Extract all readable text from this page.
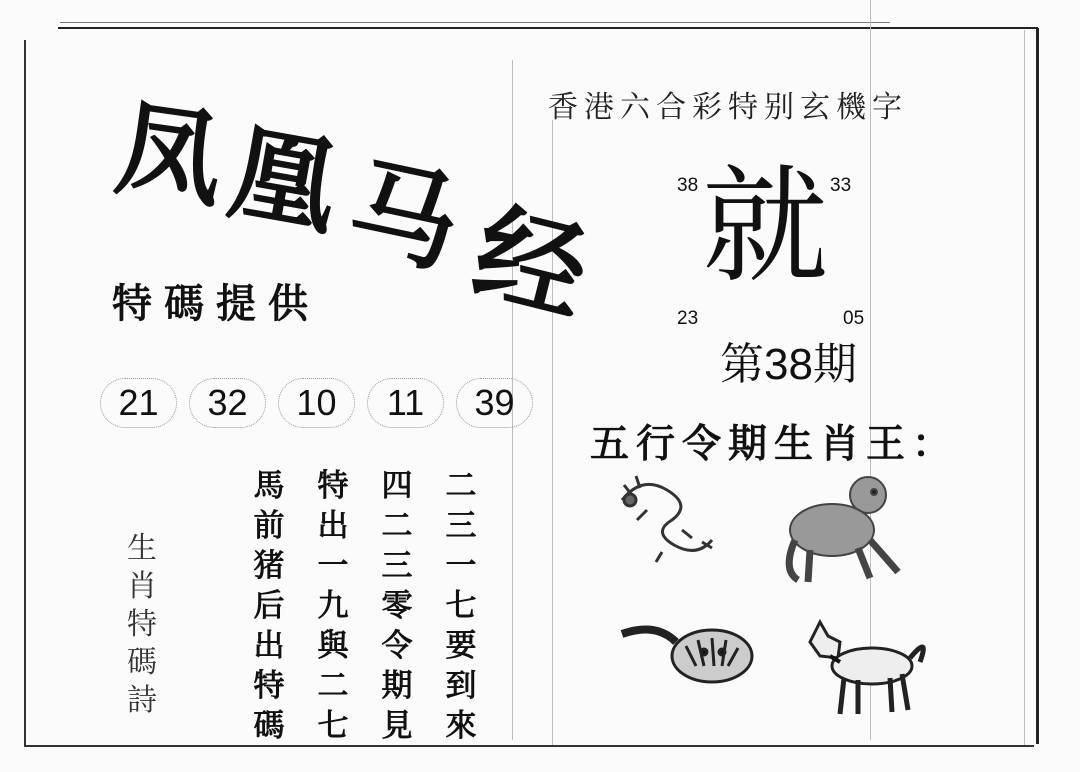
凤
凰
马
经
特碼提供
21	32	10	11	39
生
肖
特
碼
詩
馬 特 四 二
前 出 二 三
猪 一 三 一
后 九 零 七
出 與 令 要
特 二 期 到
碼 七 見 來
香港六合彩特别玄機字
38	33
就
23	05
第38期
五行令期生肖王：
